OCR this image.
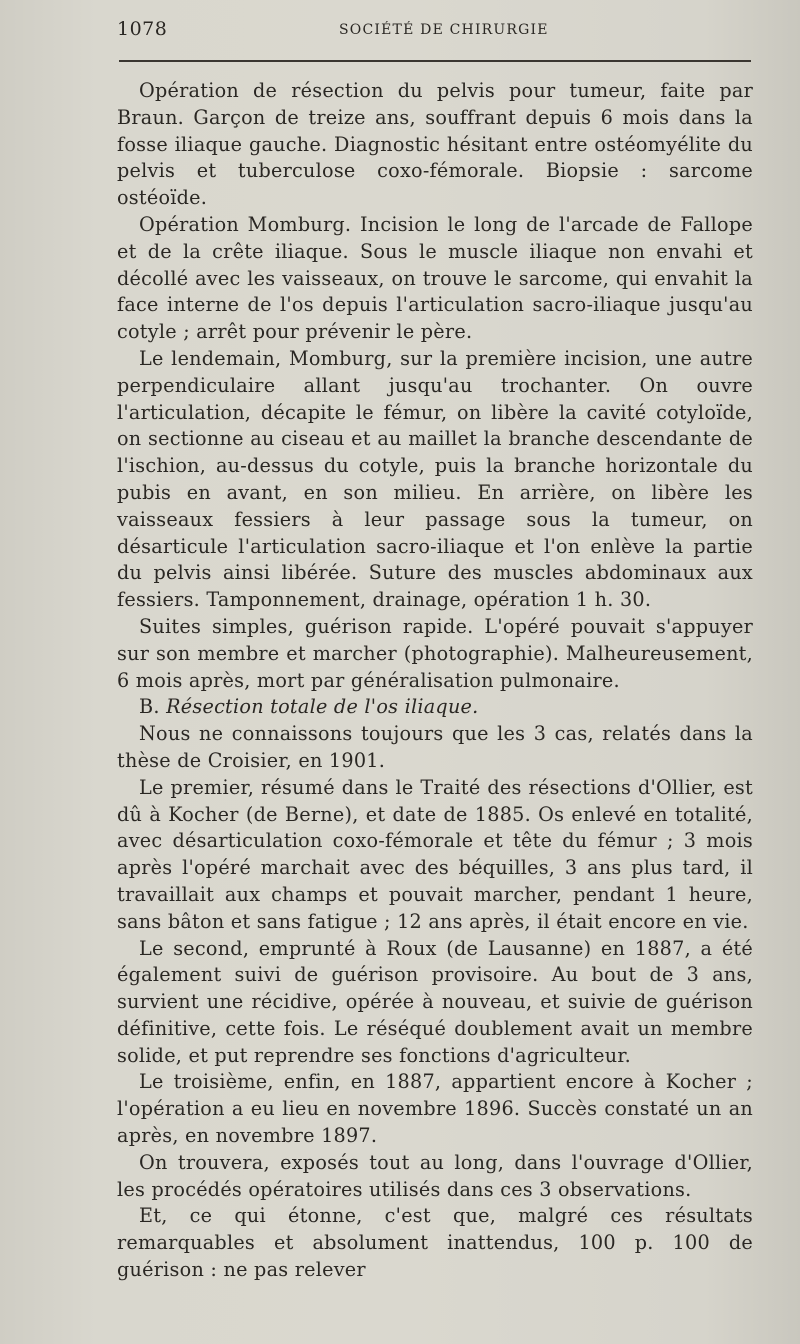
1078	SOCIÉTÉ DE CHIRURGIE

Opération de résection du pelvis pour tumeur, faite par Braun. Garçon de treize ans, souffrant depuis 6 mois dans la fosse iliaque gauche. Diagnostic hésitant entre ostéomyélite du pelvis et tuberculose coxo-fémorale. Biopsie : sarcome ostéoïde.

Opération Momburg. Incision le long de l'arcade de Fallope et de la crête iliaque. Sous le muscle iliaque non envahi et décollé avec les vaisseaux, on trouve le sarcome, qui envahit la face interne de l'os depuis l'articulation sacro-iliaque jusqu'au cotyle ; arrêt pour prévenir le père.

Le lendemain, Momburg, sur la première incision, une autre perpendiculaire allant jusqu'au trochanter. On ouvre l'articulation, décapite le fémur, on libère la cavité cotyloïde, on sectionne au ciseau et au maillet la branche descendante de l'ischion, au-dessus du cotyle, puis la branche horizontale du pubis en avant, en son milieu. En arrière, on libère les vaisseaux fessiers à leur passage sous la tumeur, on désarticule l'articulation sacro-iliaque et l'on enlève la partie du pelvis ainsi libérée. Suture des muscles abdominaux aux fessiers. Tamponnement, drainage, opération 1 h. 30.

Suites simples, guérison rapide. L'opéré pouvait s'appuyer sur son membre et marcher (photographie). Malheureusement, 6 mois après, mort par généralisation pulmonaire.

B. Résection totale de l'os iliaque.

Nous ne connaissons toujours que les 3 cas, relatés dans la thèse de Croisier, en 1901.

Le premier, résumé dans le Traité des résections d'Ollier, est dû à Kocher (de Berne), et date de 1885. Os enlevé en totalité, avec désarticulation coxo-fémorale et tête du fémur ; 3 mois après l'opéré marchait avec des béquilles, 3 ans plus tard, il travaillait aux champs et pouvait marcher, pendant 1 heure, sans bâton et sans fatigue ; 12 ans après, il était encore en vie.

Le second, emprunté à Roux (de Lausanne) en 1887, a été également suivi de guérison provisoire. Au bout de 3 ans, survient une récidive, opérée à nouveau, et suivie de guérison définitive, cette fois. Le réséqué doublement avait un membre solide, et put reprendre ses fonctions d'agriculteur.

Le troisième, enfin, en 1887, appartient encore à Kocher ; l'opération a eu lieu en novembre 1896. Succès constaté un an après, en novembre 1897.

On trouvera, exposés tout au long, dans l'ouvrage d'Ollier, les procédés opératoires utilisés dans ces 3 observations.

Et, ce qui étonne, c'est que, malgré ces résultats remarquables et absolument inattendus, 100 p. 100 de guérison : ne pas relever
